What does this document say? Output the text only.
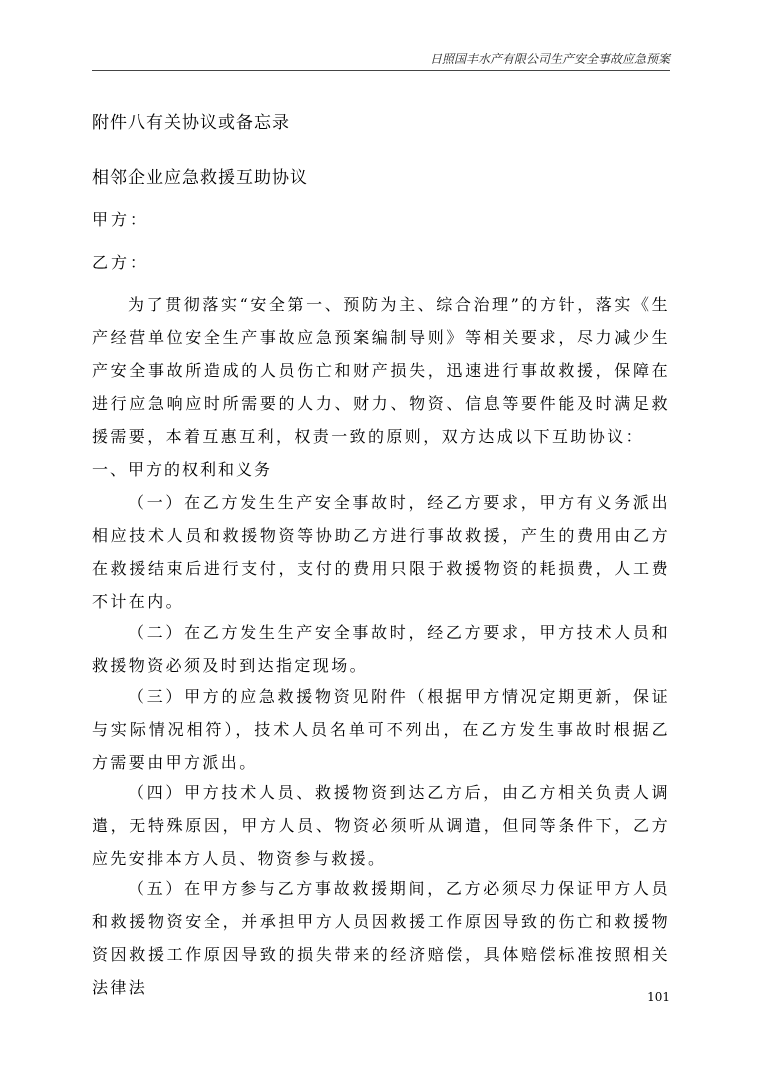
日照国丰水产有限公司生产安全事故应急预案
附件八有关协议或备忘录
相邻企业应急救援互助协议
甲方：
乙方：
为了贯彻落实“安全第一、预防为主、综合治理”的方针，落实《生产经营单位安全生产事故应急预案编制导则》等相关要求，尽力减少生产安全事故所造成的人员伤亡和财产损失，迅速进行事故救援，保障在进行应急响应时所需要的人力、财力、物资、信息等要件能及时满足救援需要，本着互惠互利，权责一致的原则，双方达成以下互助协议：
一、甲方的权利和义务
（一）在乙方发生生产安全事故时，经乙方要求，甲方有义务派出相应技术人员和救援物资等协助乙方进行事故救援，产生的费用由乙方在救援结束后进行支付，支付的费用只限于救援物资的耗损费，人工费不计在内。
（二）在乙方发生生产安全事故时，经乙方要求，甲方技术人员和救援物资必须及时到达指定现场。
（三）甲方的应急救援物资见附件（根据甲方情况定期更新，保证与实际情况相符），技术人员名单可不列出，在乙方发生事故时根据乙方需要由甲方派出。
（四）甲方技术人员、救援物资到达乙方后，由乙方相关负责人调遣，无特殊原因，甲方人员、物资必须听从调遣，但同等条件下，乙方应先安排本方人员、物资参与救援。
（五）在甲方参与乙方事故救援期间，乙方必须尽力保证甲方人员和救援物资安全，并承担甲方人员因救援工作原因导致的伤亡和救援物资因救援工作原因导致的损失带来的经济赔偿，具体赔偿标准按照相关法律法	101
